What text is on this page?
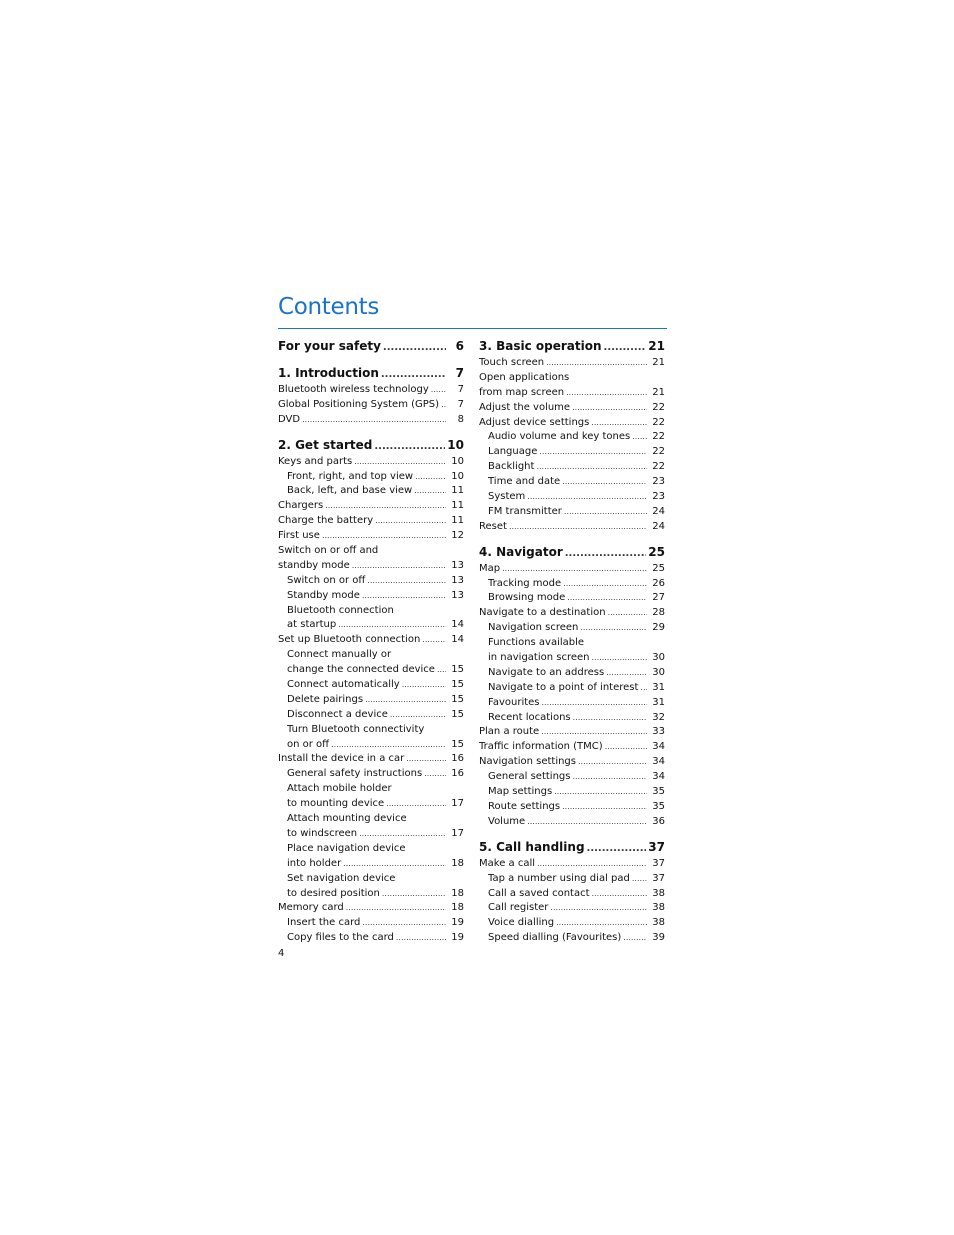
Contents
For your safety .....	6
1. Introduction .....	7
Bluetooth wireless technology .....	7
Global Positioning System (GPS) .....	7
DVD .....	8
2. Get started .....	10
Keys and parts .....	10
Front, right, and top view .....	10
Back, left, and base view .....	11
Chargers .....	11
Charge the battery .....	11
First use .....	12
Switch on or off and
standby mode .....	13
Switch on or off .....	13
Standby mode .....	13
Bluetooth connection
at startup .....	14
Set up Bluetooth connection .....	14
Connect manually or
change the connected device .....	15
Connect automatically .....	15
Delete pairings .....	15
Disconnect a device .....	15
Turn Bluetooth connectivity
on or off .....	15
Install the device in a car .....	16
General safety instructions .....	16
Attach mobile holder
to mounting device .....	17
Attach mounting device
to windscreen .....	17
Place navigation device
into holder .....	18
Set navigation device
to desired position .....	18
Memory card .....	18
Insert the card .....	19
Copy files to the card .....	19
3. Basic operation .....	21
Touch screen .....	21
Open applications
from map screen .....	21
Adjust the volume .....	22
Adjust device settings .....	22
Audio volume and key tones .....	22
Language .....	22
Backlight .....	22
Time and date .....	23
System .....	23
FM transmitter .....	24
Reset .....	24
4. Navigator .....	25
Map .....	25
Tracking mode .....	26
Browsing mode .....	27
Navigate to a destination .....	28
Navigation screen .....	29
Functions available
in navigation screen .....	30
Navigate to an address .....	30
Navigate to a point of interest .....	31
Favourites .....	31
Recent locations .....	32
Plan a route .....	33
Traffic information (TMC) .....	34
Navigation settings .....	34
General settings .....	34
Map settings .....	35
Route settings .....	35
Volume .....	36
5. Call handling .....	37
Make a call .....	37
Tap a number using dial pad .....	37
Call a saved contact .....	38
Call register .....	38
Voice dialling .....	38
Speed dialling (Favourites) .....	39
4
